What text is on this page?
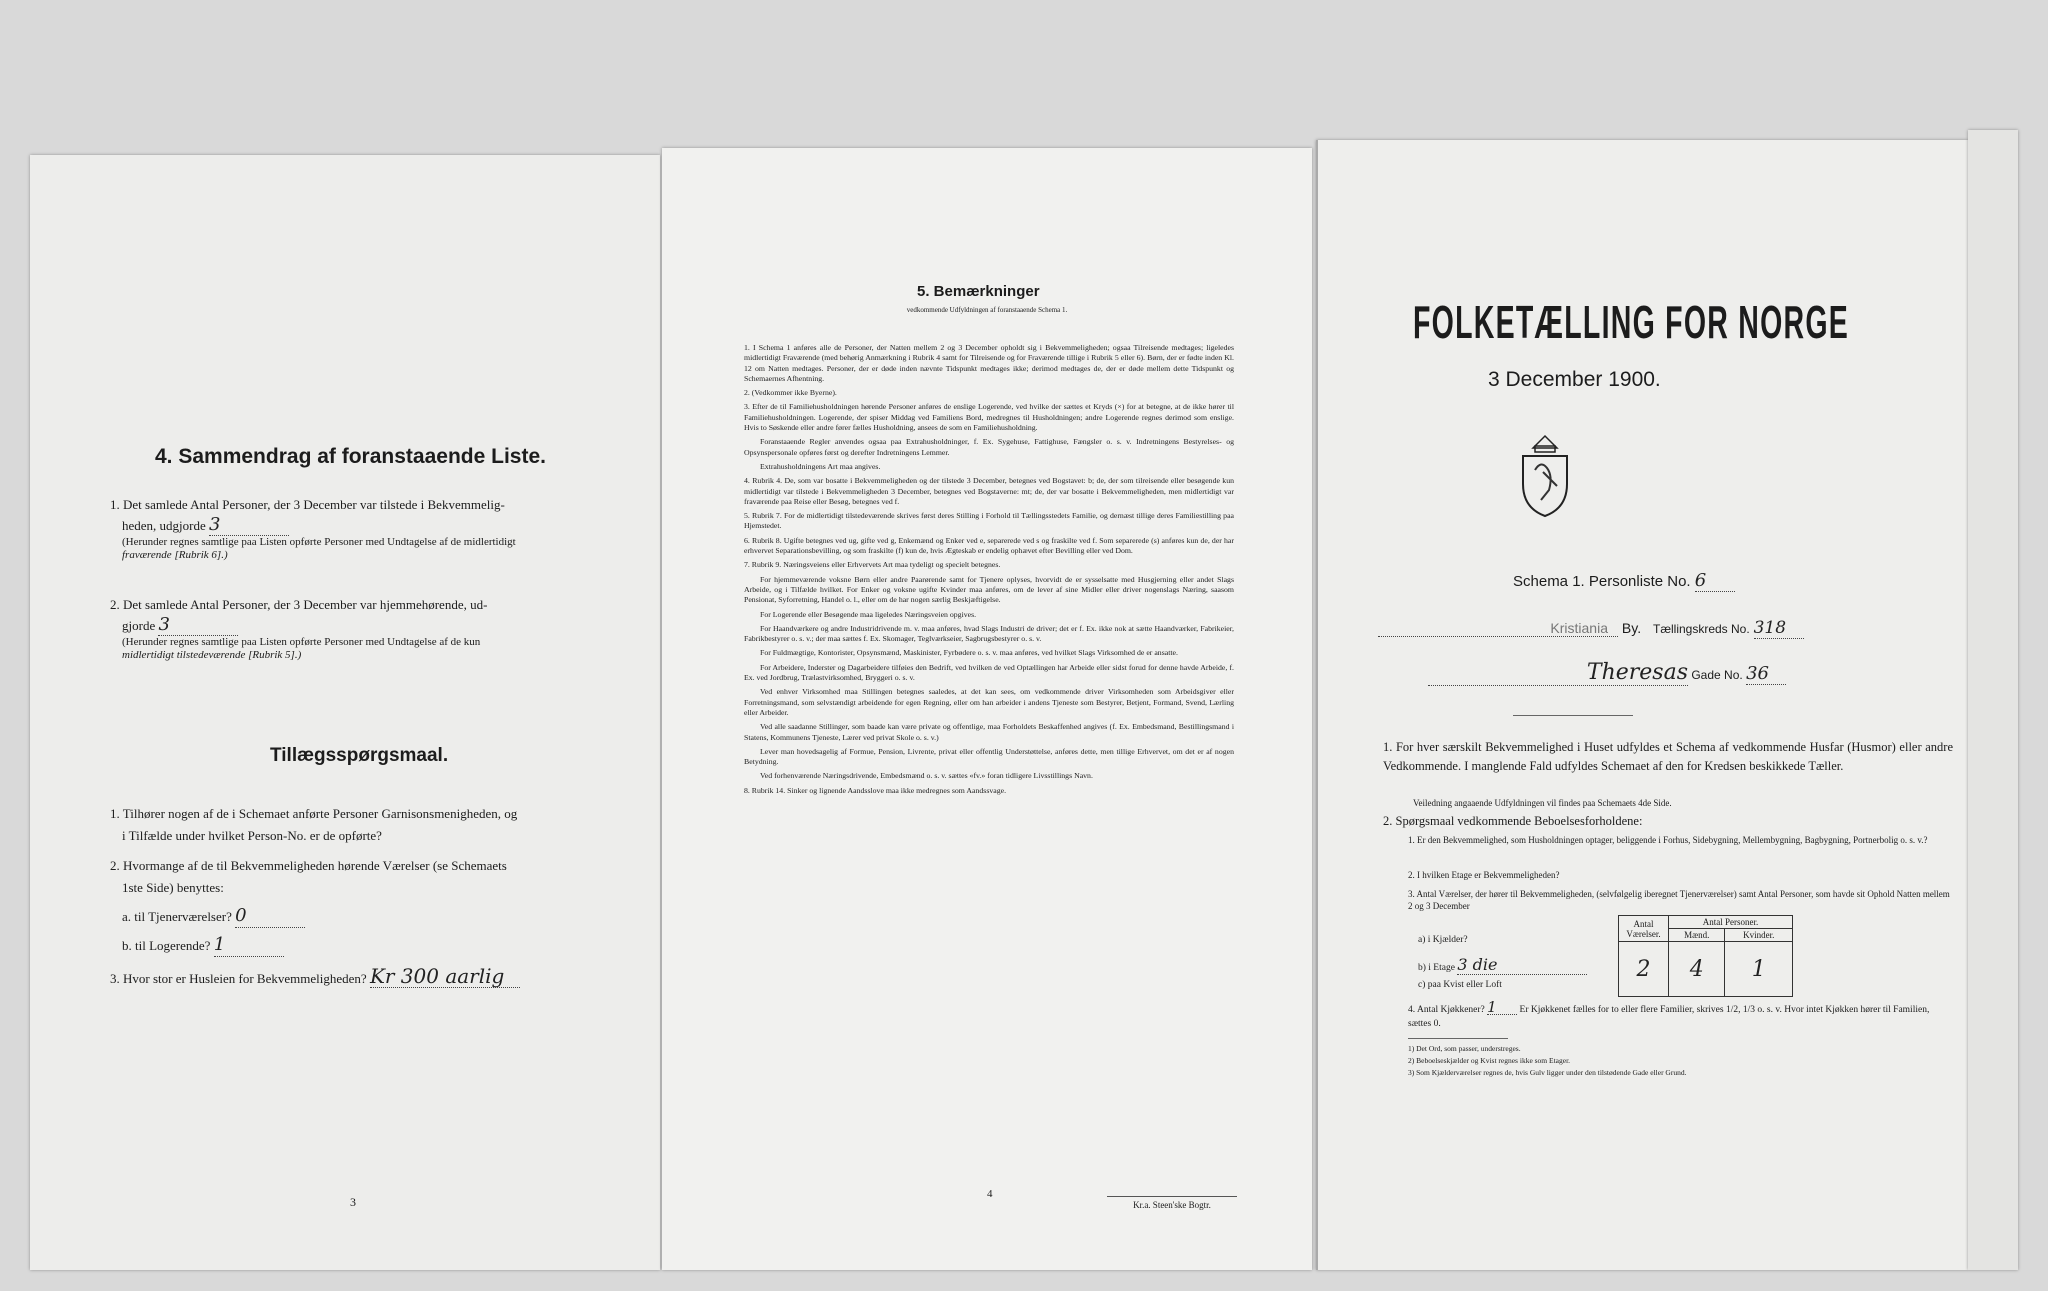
4. Sammendrag af foranstaaende Liste.
1. Det samlede Antal Personer, der 3 December var tilstede i Bekvemmelig-
heden, udgjorde 3
(Herunder regnes samtlige paa Listen opførte Personer med Undtagelse af de midlertidigt
fraværende [Rubrik 6].)
2. Det samlede Antal Personer, der 3 December var hjemmehørende, ud-
gjorde 3
(Herunder regnes samtlige paa Listen opførte Personer med Undtagelse af de kun
midlertidigt tilstedeværende [Rubrik 5].)
Tillægsspørgsmaal.
1. Tilhører nogen af de i Schemaet anførte Personer Garnisonsmenigheden, og
i Tilfælde under hvilket Person-No. er de opførte?
2. Hvormange af de til Bekvemmeligheden hørende Værelser (se Schemaets
1ste Side) benyttes:
a. til Tjenerværelser? 0
b. til Logerende? 1
3. Hvor stor er Husleien for Bekvemmeligheden? Kr 300 aarlig
3
5. Bemærkninger
vedkommende Udfyldningen af foranstaaende Schema 1.

1. I Schema 1 anføres alle de Personer, der Natten mellem 2 og 3 December opholdt sig i Bekvemmeligheden; ogsaa Tilreisende medtages; ligeledes midlertidigt Fraværende (med behørig Anmærkning i Rubrik 4 samt for Tilreisende og for Fraværende tillige i Rubrik 5 eller 6). Børn, der er fødte inden Kl. 12 om Natten medtages. Personer, der er døde inden nævnte Tidspunkt medtages ikke; derimod medtages de, der er døde mellem dette Tidspunkt og Schemaernes Afhentning.

2. (Vedkommer ikke Byerne).

3. Efter de til Familiehusholdningen hørende Personer anføres de enslige Logerende, ved hvilke der sættes et Kryds (×) for at betegne, at de ikke hører til Familiehusholdningen. Logerende, der spiser Middag ved Familiens Bord, medregnes til Husholdningen; andre Logerende regnes derimod som enslige. Hvis to Søskende eller andre fører fælles Husholdning, ansees de som en Familiehusholdning.

Foranstaaende Regler anvendes ogsaa paa Extrahusholdninger, f. Ex. Sygehuse, Fattighuse, Fængsler o. s. v. Indretningens Bestyrelses- og Opsynspersonale opføres først og derefter Indretningens Lemmer.

Extrahusholdningens Art maa angives.

4. Rubrik 4. De, som var bosatte i Bekvemmeligheden og der tilstede 3 December, betegnes ved Bogstavet: b; de, der som tilreisende eller besøgende kun midlertidigt var tilstede i Bekvemmeligheden 3 December, betegnes ved Bogstaverne: mt; de, der var bosatte i Bekvemmeligheden, men midlertidigt var fraværende paa Reise eller Besøg, betegnes ved f.

5. Rubrik 7. For de midlertidigt tilstedeværende skrives først deres Stilling i Forhold til Tællingsstedets Familie, og dernæst tillige deres Familiestilling paa Hjemstedet.

6. Rubrik 8. Ugifte betegnes ved ug, gifte ved g, Enkemænd og Enker ved e, separerede ved s og fraskilte ved f. Som separerede (s) anføres kun de, der har erhvervet Separationsbevilling, og som fraskilte (f) kun de, hvis Ægteskab er endelig ophævet efter Bevilling eller ved Dom.

7. Rubrik 9. Næringsveiens eller Erhvervets Art maa tydeligt og specielt betegnes.

For hjemmeværende voksne Børn eller andre Paarørende samt for Tjenere oplyses, hvorvidt de er sysselsatte med Husgjerning eller andet Slags Arbeide, og i Tilfælde hvilket. For Enker og voksne ugifte Kvinder maa anføres, om de lever af sine Midler eller driver nogenslags Næring, saasom Pensionat, Syforretning, Handel o. l., eller om de har nogen særlig Beskjæftigelse.

For Logerende eller Besøgende maa ligeledes Næringsveien opgives.

For Haandværkere og andre Industridrivende m. v. maa anføres, hvad Slags Industri de driver; det er f. Ex. ikke nok at sætte Haandværker, Fabrikeier, Fabrikbestyrer o. s. v.; der maa sættes f. Ex. Skomager, Teglværkseier, Sagbrugsbestyrer o. s. v.

For Fuldmægtige, Kontorister, Opsynsmænd, Maskinister, Fyrbødere o. s. v. maa anføres, ved hvilket Slags Virksomhed de er ansatte.

For Arbeidere, Inderster og Dagarbeidere tilføies den Bedrift, ved hvilken de ved Optællingen har Arbeide eller sidst forud for denne havde Arbeide, f. Ex. ved Jordbrug, Trælastvirksomhed, Bryggeri o. s. v.

Ved enhver Virksomhed maa Stillingen betegnes saaledes, at det kan sees, om vedkommende driver Virksomheden som Arbeidsgiver eller Forretningsmand, som selvstændigt arbeidende for egen Regning, eller om han arbeider i andens Tjeneste som Bestyrer, Betjent, Formand, Svend, Lærling eller Arbeider.

Ved alle saadanne Stillinger, som baade kan være private og offentlige, maa Forholdets Beskaffenhed angives (f. Ex. Embedsmand, Bestillingsmand i Statens, Kommunens Tjeneste, Lærer ved privat Skole o. s. v.)

Lever man hovedsagelig af Formue, Pension, Livrente, privat eller offentlig Understøttelse, anføres dette, men tillige Erhvervet, om det er af nogen Betydning.

Ved forhenværende Næringsdrivende, Embedsmænd o. s. v. sættes «fv.» foran tidligere Livsstillings Navn.

8. Rubrik 14. Sinker og lignende Aandsslove maa ikke medregnes som Aandssvage.

4
Kr.a. Steen'ske Bogtr.
FOLKETÆLLING FOR NORGE
3 December 1900.
Schema 1. Personliste No. 6
Kristiania By. Tællingskreds No. 318
Theresas Gade No. 36
1. For hver særskilt Bekvemmelighed i Huset udfyldes et Schema af vedkommende Husfar (Husmor) eller andre Vedkommende. I manglende Fald udfyldes Schemaet af den for Kredsen beskikkede Tæller.
Veiledning angaaende Udfyldningen vil findes paa Schemaets 4de Side.
2. Spørgsmaal vedkommende Beboelsesforholdene:
1. Er den Bekvemmelighed, som Husholdningen optager, beliggende i Forhus, Sidebygning, Mellembygning, Bagbygning, Portnerbolig o. s. v.?
2. I hvilken Etage er Bekvemmeligheden?
3. Antal Værelser, der hører til Bekvemmeligheden, (selvfølgelig iberegnet Tjenerværelser) samt Antal Personer, som havde sit Ophold Natten mellem 2 og 3 December
Antal Værelser.	Antal Personer.	
	Mænd.	Kvinder.
2	4	1
a) i Kjælder?
b) i Etage 3 die
c) paa Kvist eller Loft
4. Antal Kjøkkener? 1 Er Kjøkkenet fælles for to eller flere Familier, skrives 1/2, 1/3 o. s. v. Hvor intet Kjøkken hører til Familien, sættes 0.
1) Det Ord, som passer, understreges.
2) Beboelseskjælder og Kvist regnes ikke som Etager.
3) Som Kjælderværelser regnes de, hvis Gulv ligger under den tilstødende Gade eller Grund.
